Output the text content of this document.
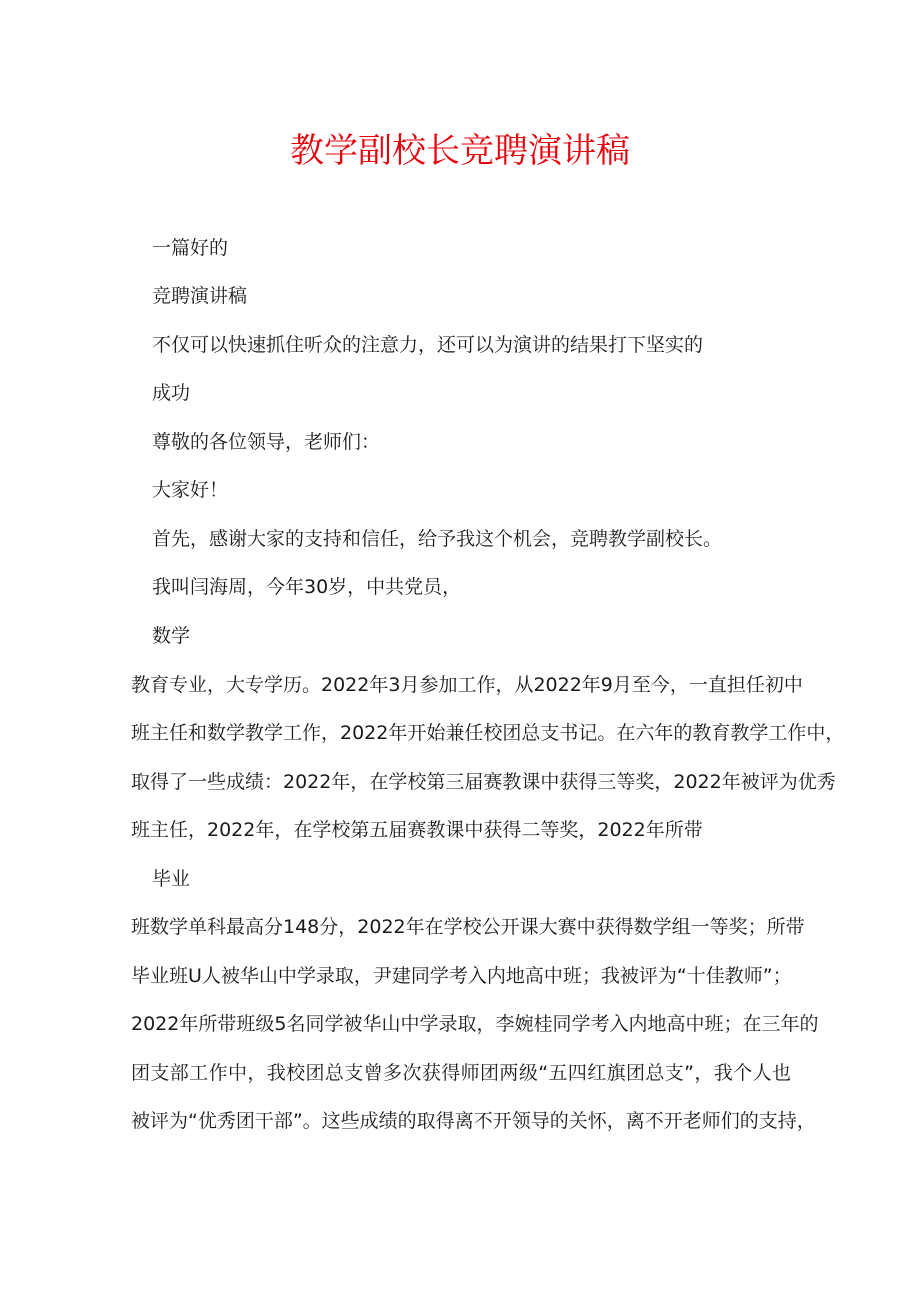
教学副校长竞聘演讲稿

一篇好的

竞聘演讲稿

不仅可以快速抓住听众的注意力，还可以为演讲的结果打下坚实的

成功

尊敬的各位领导，老师们：

大家好！

首先，感谢大家的支持和信任，给予我这个机会，竞聘教学副校长。

我叫闫海周，今年30岁，中共党员，

数学

教育专业，大专学历。2022年3月参加工作，从2022年9月至今，一直担任初中

班主任和数学教学工作，2022年开始兼任校团总支书记。在六年的教育教学工作中，

取得了一些成绩：2022年，在学校第三届赛教课中获得三等奖，2022年被评为优秀

班主任，2022年，在学校第五届赛教课中获得二等奖，2022年所带

毕业

班数学单科最高分148分，2022年在学校公开课大赛中获得数学组一等奖；所带

毕业班U人被华山中学录取，尹建同学考入内地高中班；我被评为“十佳教师”；

2022年所带班级5名同学被华山中学录取，李婉桂同学考入内地高中班；在三年的

团支部工作中，我校团总支曾多次获得师团两级“五四红旗团总支”，我个人也

被评为“优秀团干部”。这些成绩的取得离不开领导的关怀，离不开老师们的支持，
